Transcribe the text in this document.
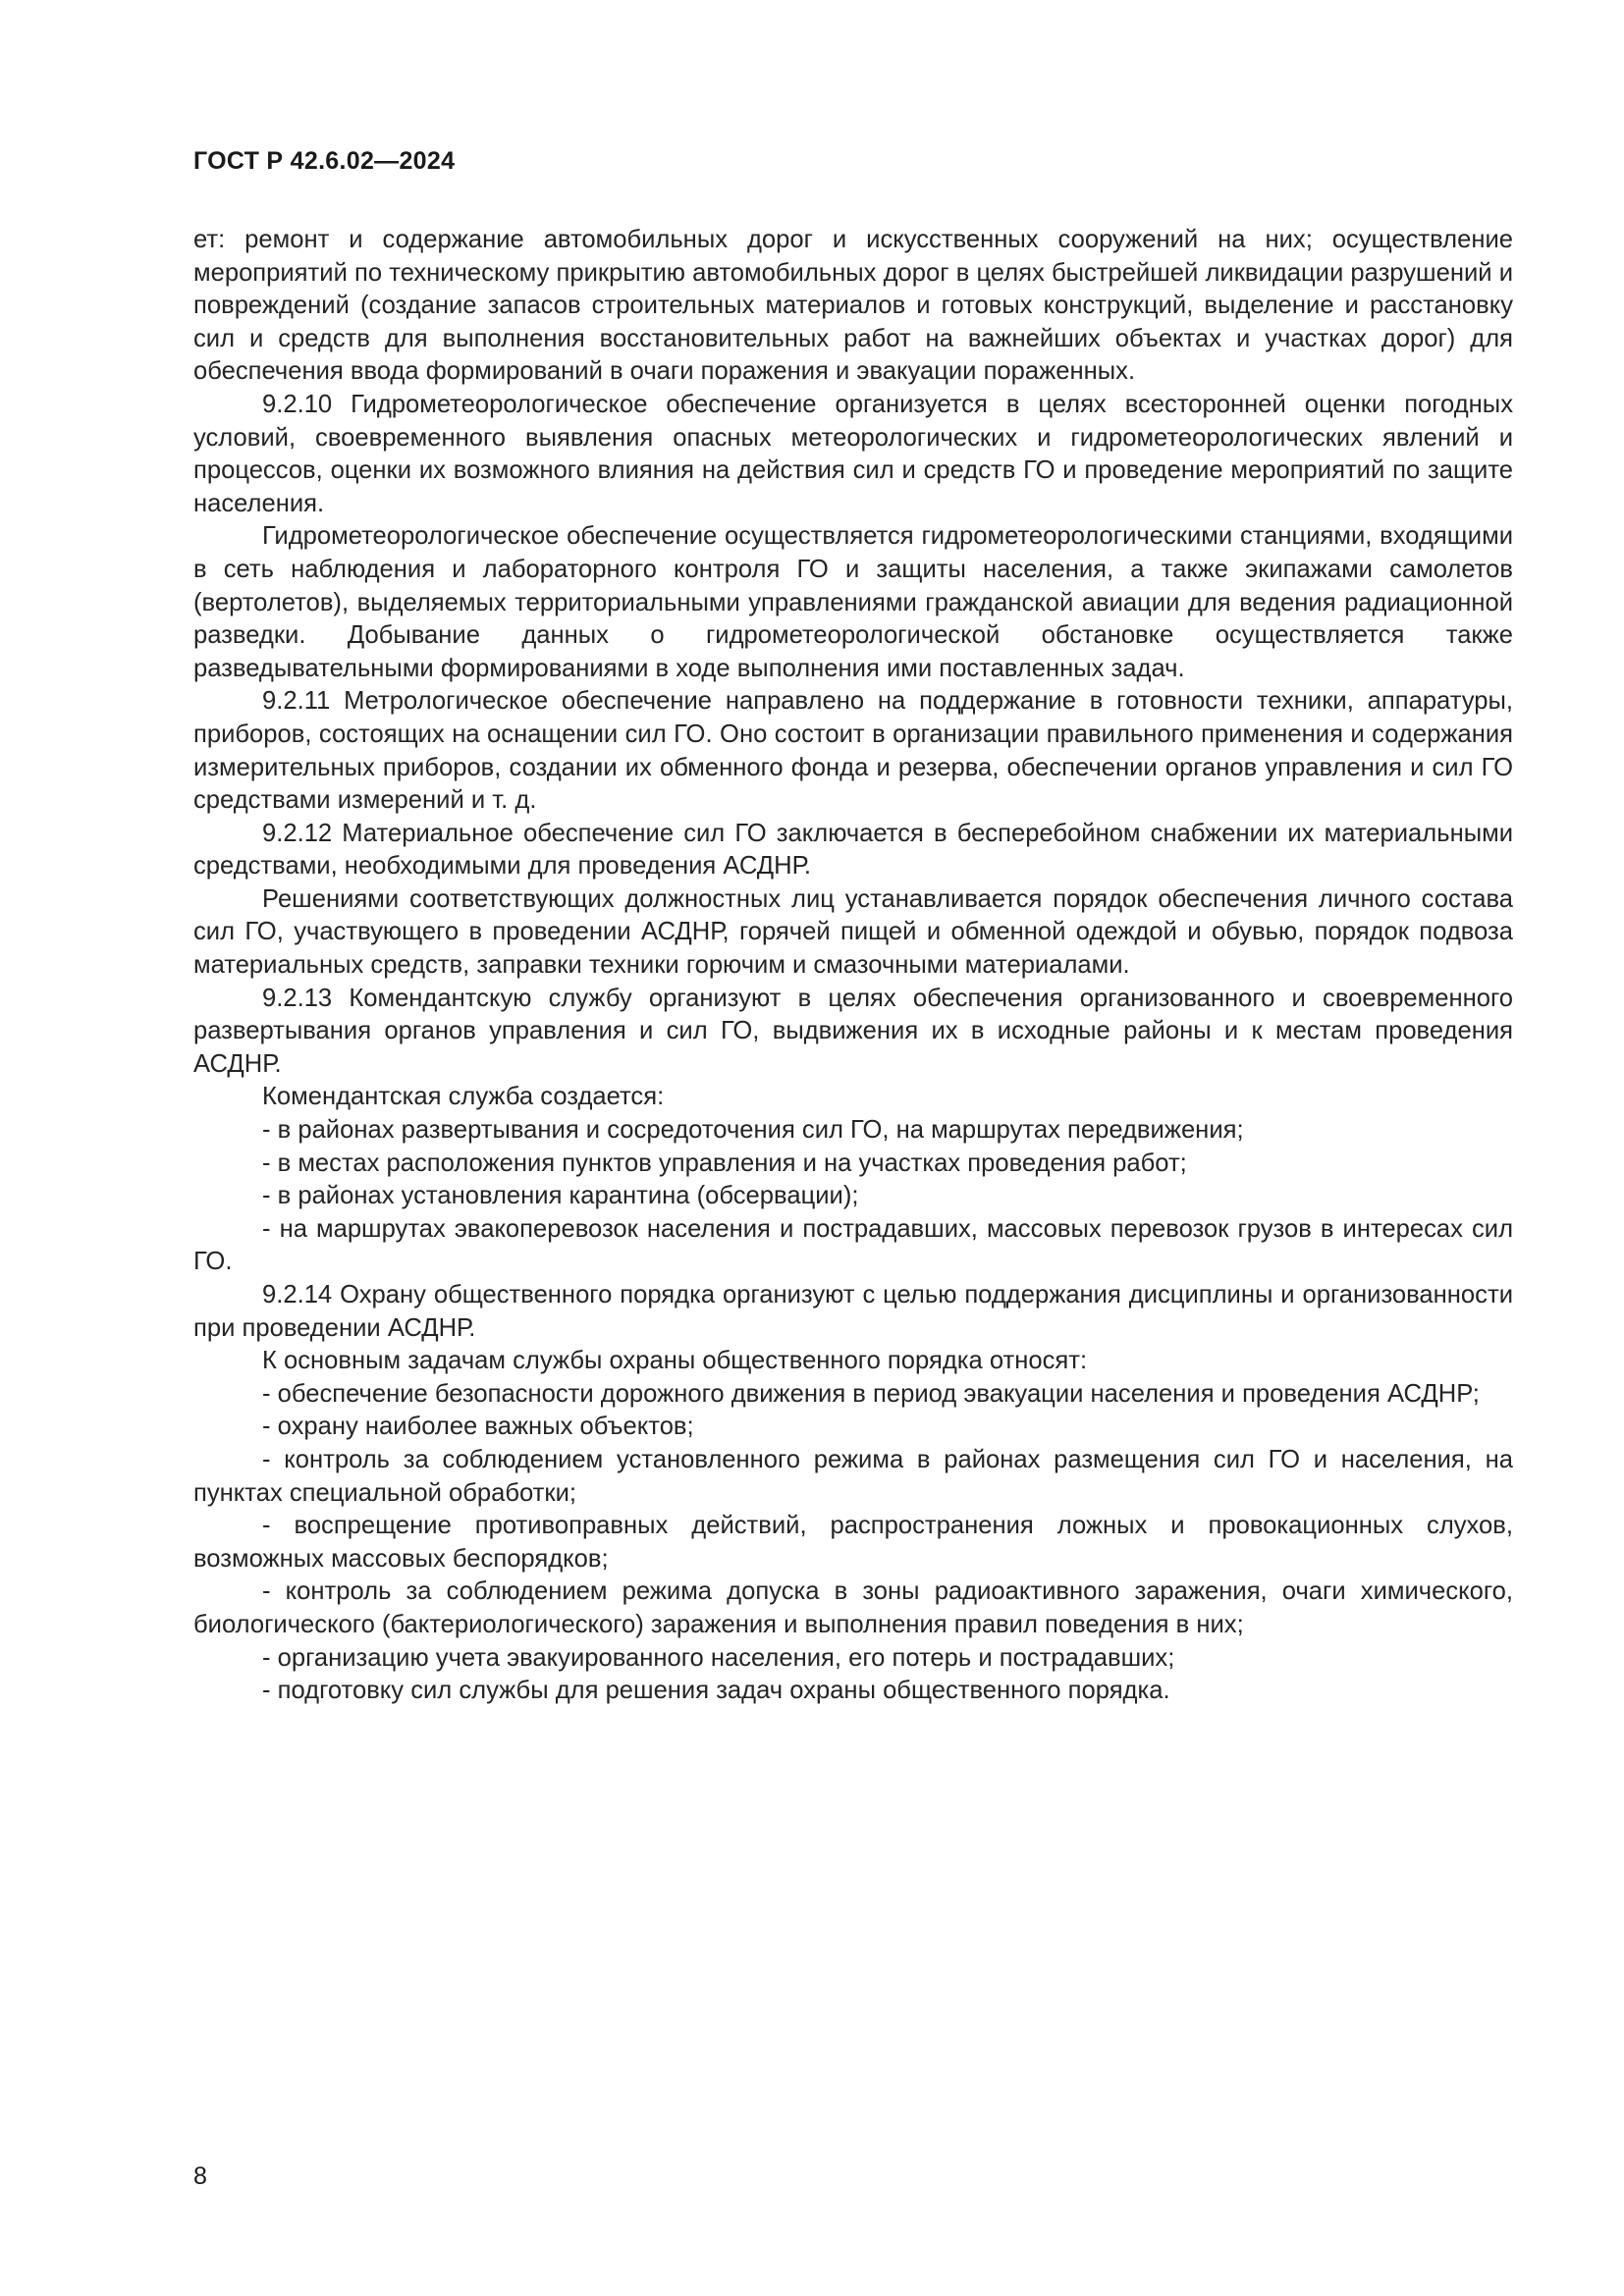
ГОСТ Р 42.6.02—2024

ет: ремонт и содержание автомобильных дорог и искусственных сооружений на них; осуществление мероприятий по техническому прикрытию автомобильных дорог в целях быстрейшей ликвидации разрушений и повреждений (создание запасов строительных материалов и готовых конструкций, выделение и расстановку сил и средств для выполнения восстановительных работ на важнейших объектах и участках дорог) для обеспечения ввода формирований в очаги поражения и эвакуации пораженных.

9.2.10 Гидрометеорологическое обеспечение организуется в целях всесторонней оценки погодных условий, своевременного выявления опасных метеорологических и гидрометеорологических явлений и процессов, оценки их возможного влияния на действия сил и средств ГО и проведение мероприятий по защите населения.

Гидрометеорологическое обеспечение осуществляется гидрометеорологическими станциями, входящими в сеть наблюдения и лабораторного контроля ГО и защиты населения, а также экипажами самолетов (вертолетов), выделяемых территориальными управлениями гражданской авиации для ведения радиационной разведки. Добывание данных о гидрометеорологической обстановке осуществляется также разведывательными формированиями в ходе выполнения ими поставленных задач.

9.2.11 Метрологическое обеспечение направлено на поддержание в готовности техники, аппаратуры, приборов, состоящих на оснащении сил ГО. Оно состоит в организации правильного применения и содержания измерительных приборов, создании их обменного фонда и резерва, обеспечении органов управления и сил ГО средствами измерений и т. д.

9.2.12 Материальное обеспечение сил ГО заключается в бесперебойном снабжении их материальными средствами, необходимыми для проведения АСДНР.

Решениями соответствующих должностных лиц устанавливается порядок обеспечения личного состава сил ГО, участвующего в проведении АСДНР, горячей пищей и обменной одеждой и обувью, порядок подвоза материальных средств, заправки техники горючим и смазочными материалами.

9.2.13 Комендантскую службу организуют в целях обеспечения организованного и своевременного развертывания органов управления и сил ГО, выдвижения их в исходные районы и к местам проведения АСДНР.

Комендантская служба создается:

- в районах развертывания и сосредоточения сил ГО, на маршрутах передвижения;

- в местах расположения пунктов управления и на участках проведения работ;

- в районах установления карантина (обсервации);

- на маршрутах эвакоперевозок населения и пострадавших, массовых перевозок грузов в интересах сил ГО.

9.2.14 Охрану общественного порядка организуют с целью поддержания дисциплины и организованности при проведении АСДНР.

К основным задачам службы охраны общественного порядка относят:

- обеспечение безопасности дорожного движения в период эвакуации населения и проведения АСДНР;

- охрану наиболее важных объектов;

- контроль за соблюдением установленного режима в районах размещения сил ГО и населения, на пунктах специальной обработки;

- воспрещение противоправных действий, распространения ложных и провокационных слухов, возможных массовых беспорядков;

- контроль за соблюдением режима допуска в зоны радиоактивного заражения, очаги химического, биологического (бактериологического) заражения и выполнения правил поведения в них;

- организацию учета эвакуированного населения, его потерь и пострадавших;

- подготовку сил службы для решения задач охраны общественного порядка.

8
